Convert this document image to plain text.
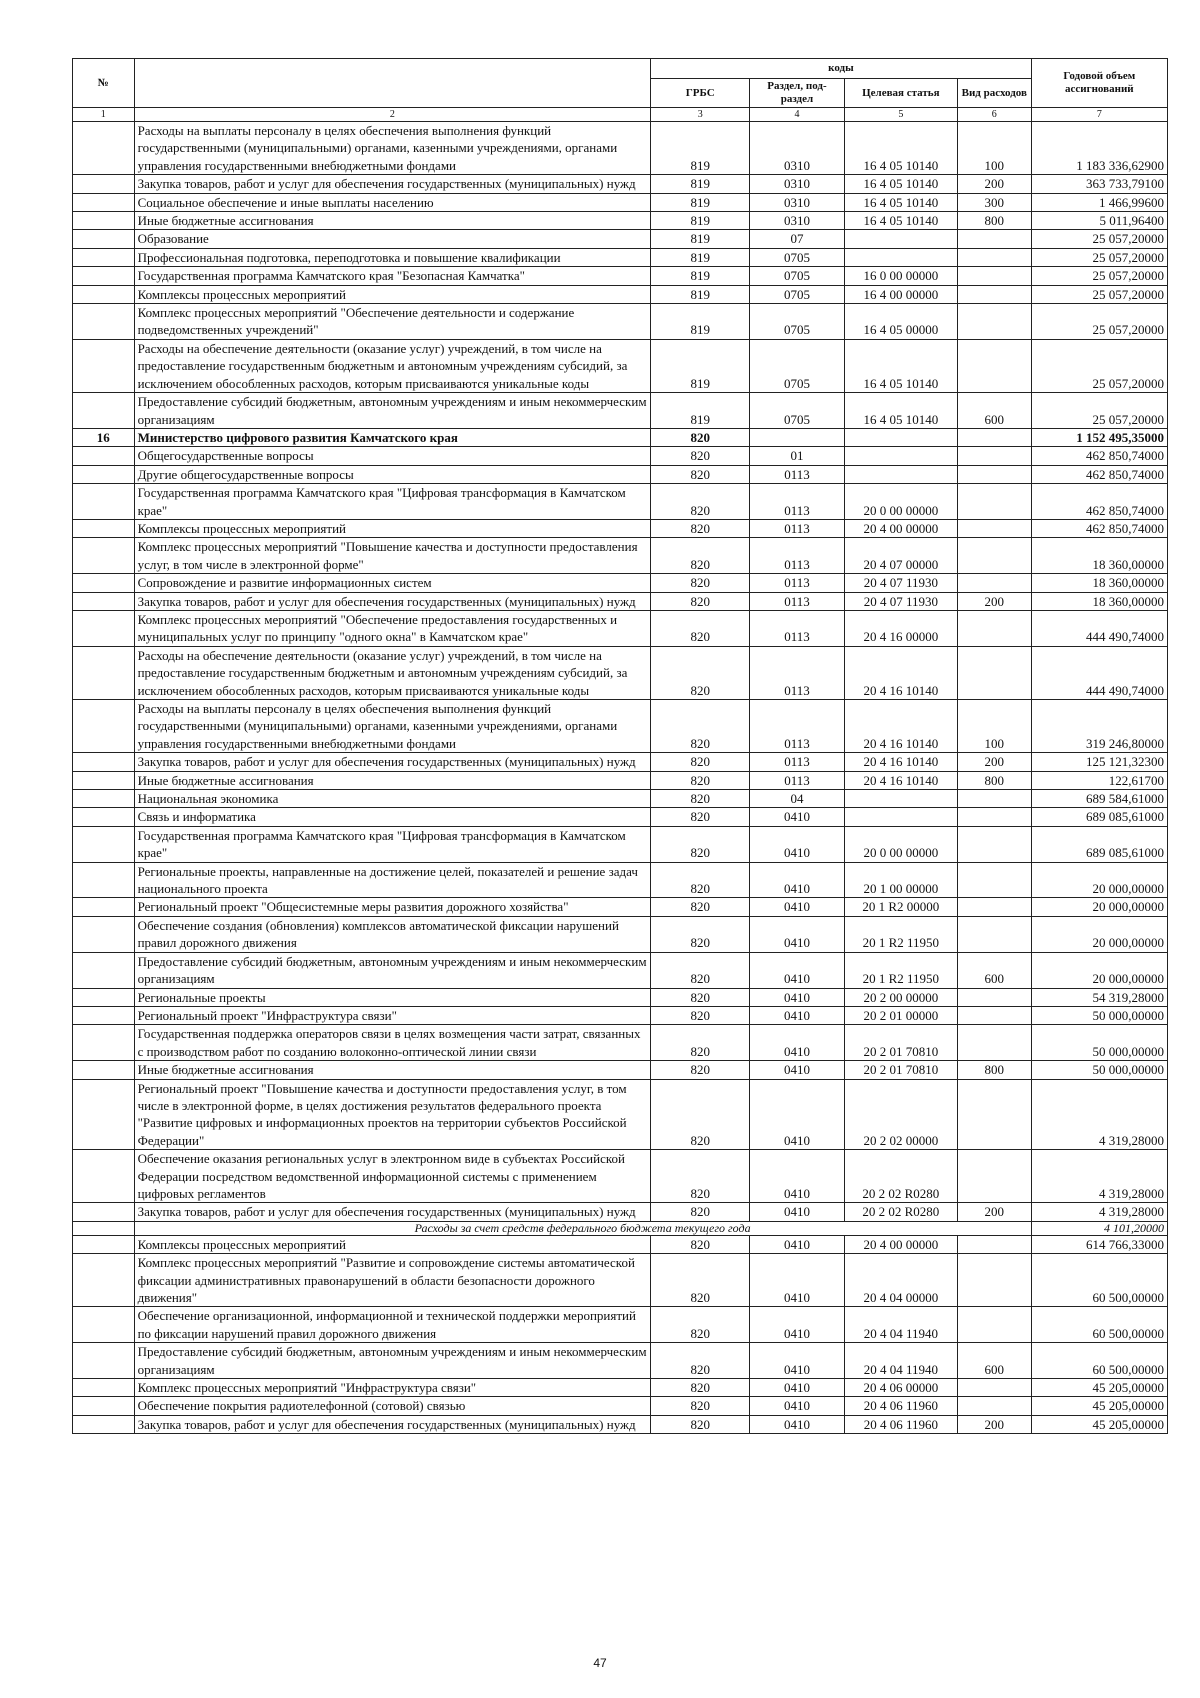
№		коды				Годовой объем ассигнований
		ГРБС	Раздел, под-раздел	Целевая статья	Вид расходов	
1	2	3	4	5	6	7
	Расходы на выплаты персоналу в целях обеспечения выполнения функций государственными (муниципальными) органами, казенными учреждениями, органами управления государственными внебюджетными фондами	819	0310	16 4 05 10140	100	1 183 336,62900
	Закупка товаров, работ и услуг для обеспечения государственных (муниципальных) нужд	819	0310	16 4 05 10140	200	363 733,79100
	Социальное обеспечение и иные выплаты населению	819	0310	16 4 05 10140	300	1 466,99600
	Иные бюджетные ассигнования	819	0310	16 4 05 10140	800	5 011,96400
	Образование	819	07			25 057,20000
	Профессиональная подготовка, переподготовка и повышение квалификации	819	0705			25 057,20000
	Государственная программа Камчатского края "Безопасная Камчатка"	819	0705	16 0 00 00000		25 057,20000
	Комплексы процессных мероприятий	819	0705	16 4 00 00000		25 057,20000
	Комплекс процессных мероприятий "Обеспечение деятельности и содержание подведомственных учреждений"	819	0705	16 4 05 00000		25 057,20000
	Расходы на обеспечение деятельности (оказание услуг) учреждений, в том числе на предоставление государственным бюджетным и автономным учреждениям субсидий, за исключением обособленных расходов, которым присваиваются уникальные коды	819	0705	16 4 05 10140		25 057,20000
	Предоставление субсидий бюджетным, автономным учреждениям и иным некоммерческим организациям	819	0705	16 4 05 10140	600	25 057,20000
16	Министерство цифрового развития Камчатского края	820				1 152 495,35000
	Общегосударственные вопросы	820	01			462 850,74000
	Другие общегосударственные вопросы	820	0113			462 850,74000
	Государственная программа Камчатского края "Цифровая трансформация в Камчатском крае"	820	0113	20 0 00 00000		462 850,74000
	Комплексы процессных мероприятий	820	0113	20 4 00 00000		462 850,74000
	Комплекс процессных мероприятий "Повышение качества и доступности предоставления услуг, в том числе в электронной форме"	820	0113	20 4 07 00000		18 360,00000
	Сопровождение и развитие информационных систем	820	0113	20 4 07 11930		18 360,00000
	Закупка товаров, работ и услуг для обеспечения государственных (муниципальных) нужд	820	0113	20 4 07 11930	200	18 360,00000
	Комплекс процессных мероприятий "Обеспечение предоставления государственных и муниципальных услуг по принципу "одного окна" в Камчатском крае"	820	0113	20 4 16 00000		444 490,74000
	Расходы на обеспечение деятельности (оказание услуг) учреждений, в том числе на предоставление государственным бюджетным и автономным учреждениям субсидий, за исключением обособленных расходов, которым присваиваются уникальные коды	820	0113	20 4 16 10140		444 490,74000
	Расходы на выплаты персоналу в целях обеспечения выполнения функций государственными (муниципальными) органами, казенными учреждениями, органами управления государственными внебюджетными фондами	820	0113	20 4 16 10140	100	319 246,80000
	Закупка товаров, работ и услуг для обеспечения государственных (муниципальных) нужд	820	0113	20 4 16 10140	200	125 121,32300
	Иные бюджетные ассигнования	820	0113	20 4 16 10140	800	122,61700
	Национальная экономика	820	04			689 584,61000
	Связь и информатика	820	0410			689 085,61000
	Государственная программа Камчатского края "Цифровая трансформация в Камчатском крае"	820	0410	20 0 00 00000		689 085,61000
	Региональные проекты, направленные на достижение целей, показателей и решение задач национального проекта	820	0410	20 1 00 00000		20 000,00000
	Региональный проект "Общесистемные меры развития дорожного хозяйства"	820	0410	20 1 R2 00000		20 000,00000
	Обеспечение создания (обновления) комплексов автоматической фиксации нарушений правил дорожного движения	820	0410	20 1 R2 11950		20 000,00000
	Предоставление субсидий бюджетным, автономным учреждениям и иным некоммерческим организациям	820	0410	20 1 R2 11950	600	20 000,00000
	Региональные проекты	820	0410	20 2 00 00000		54 319,28000
	Региональный проект "Инфраструктура связи"	820	0410	20 2 01 00000		50 000,00000
	Государственная поддержка операторов связи в целях возмещения части затрат, связанных с производством работ по созданию волоконно-оптической линии связи	820	0410	20 2 01 70810		50 000,00000
	Иные бюджетные ассигнования	820	0410	20 2 01 70810	800	50 000,00000
	Региональный проект "Повышение качества и доступности предоставления услуг, в том числе в электронной форме, в целях достижения результатов федерального проекта "Развитие цифровых и информационных проектов на территории субъектов Российской Федерации"	820	0410	20 2 02 00000		4 319,28000
	Обеспечение оказания региональных услуг в электронном виде в субъектах Российской Федерации посредством ведомственной информационной системы с применением цифровых регламентов	820	0410	20 2 02 R0280		4 319,28000
	Закупка товаров, работ и услуг для обеспечения государственных (муниципальных) нужд	820	0410	20 2 02 R0280	200	4 319,28000
	Расходы за счет средств федерального бюджета текущего года					4 101,20000
	Комплексы процессных мероприятий	820	0410	20 4 00 00000		614 766,33000
	Комплекс процессных мероприятий "Развитие и сопровождение системы автоматической фиксации административных правонарушений в области безопасности дорожного движения"	820	0410	20 4 04 00000		60 500,00000
	Обеспечение организационной, информационной и технической поддержки мероприятий по фиксации нарушений правил дорожного движения	820	0410	20 4 04 11940		60 500,00000
	Предоставление субсидий бюджетным, автономным учреждениям и иным некоммерческим организациям	820	0410	20 4 04 11940	600	60 500,00000
	Комплекс процессных мероприятий "Инфраструктура связи"	820	0410	20 4 06 00000		45 205,00000
	Обеспечение покрытия радиотелефонной (сотовой) связью	820	0410	20 4 06 11960		45 205,00000
	Закупка товаров, работ и услуг для обеспечения государственных (муниципальных) нужд	820	0410	20 4 06 11960	200	45 205,00000
47
